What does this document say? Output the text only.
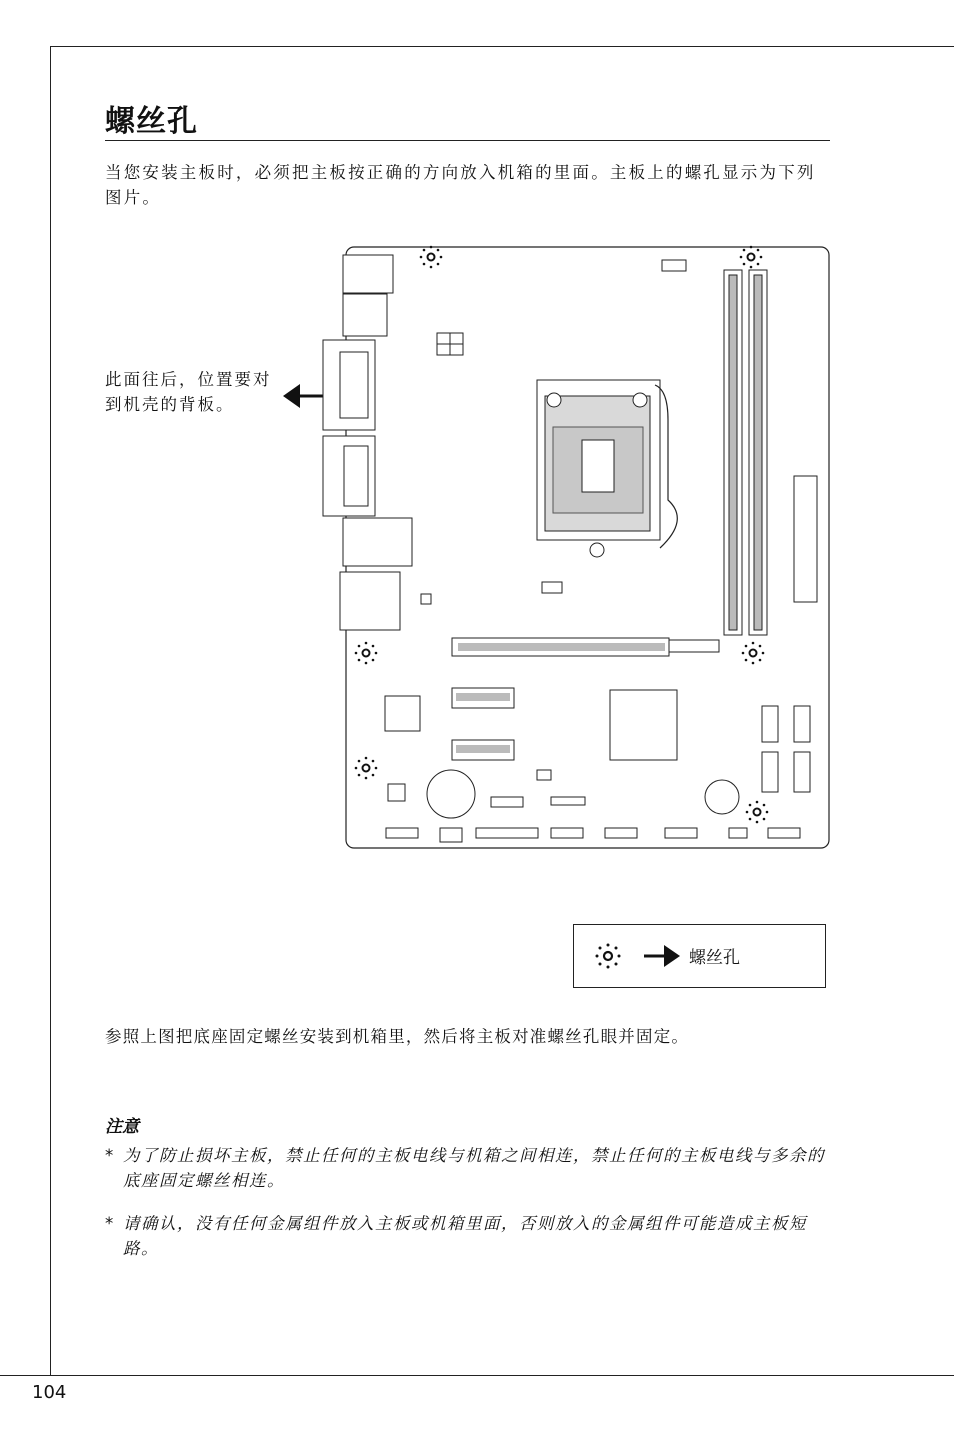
螺丝孔
当您安装主板时，必须把主板按正确的方向放入机箱的里面。主板上的螺孔显示为下列图片。
此面往后，位置要对到机壳的背板。
螺丝孔
参照上图把底座固定螺丝安装到机箱里，然后将主板对准螺丝孔眼并固定。
注意
* 为了防止损坏主板，禁止任何的主板电线与机箱之间相连，禁止任何的主板电线与多余的底座固定螺丝相连。
* 请确认，没有任何金属组件放入主板或机箱里面，否则放入的金属组件可能造成主板短路。
104
